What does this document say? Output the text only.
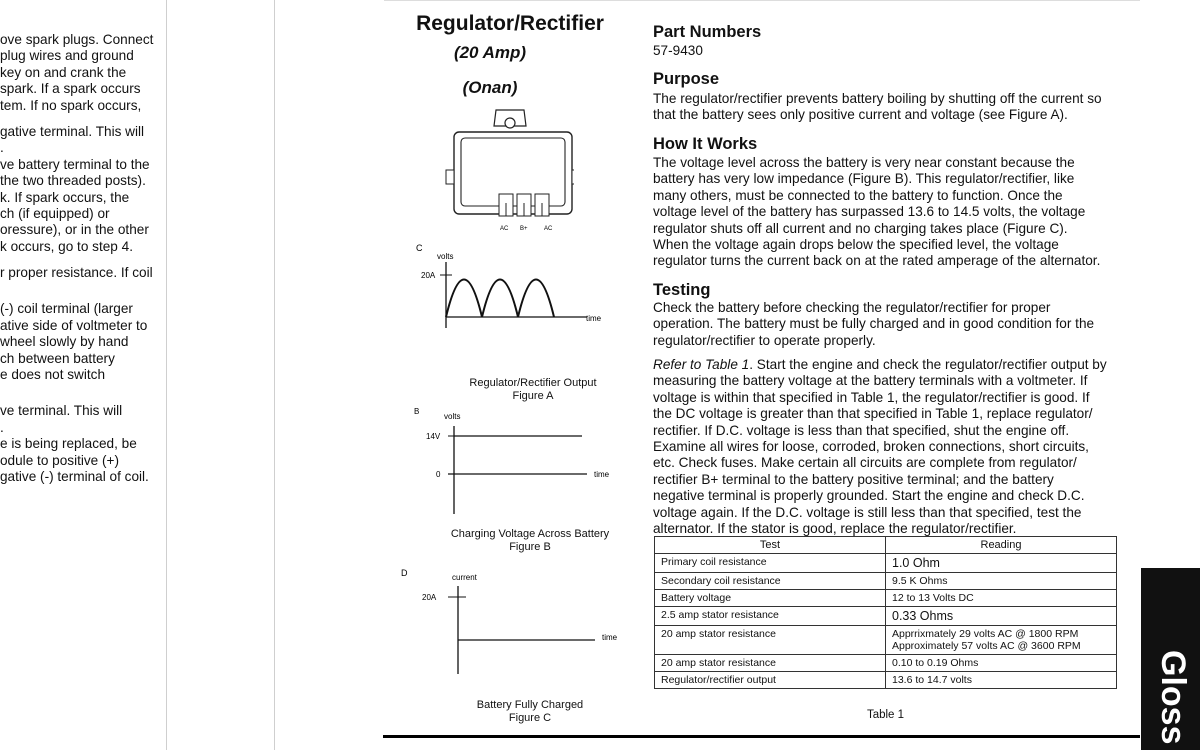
ove spark plugs. Connect
plug wires and ground
key on and crank the
spark. If a spark occurs
tem. If no spark occurs,
gative terminal. This will
.
ve battery terminal to the
the two threaded posts).
k. If spark occurs, the
ch (if equipped) or
oressure), or in the other
k occurs, go to step 4.
r proper resistance. If coil
(-) coil terminal (larger
ative side of voltmeter to
wheel slowly by hand
ch between battery
e does not switch
ve terminal. This will
.
e is being replaced, be
odule to positive (+)
gative (-) terminal of coil.
Regulator/Rectifier
(20 Amp)
(Onan)
AC B+	AC
C
volts
20A
time
Regulator/Rectifier Output
Figure A
B
volts
14V
0	time
Charging Voltage Across Battery
Figure B
D	current
20A
time
Battery Fully Charged
Figure C
Part Numbers
57-9430
Purpose
The regulator/rectifier prevents battery boiling by shutting off the current so
that the battery sees only positive current and voltage (see Figure A).
How It Works
The voltage level across the battery is very near constant because the
battery has very low impedance (Figure B). This regulator/rectifier, like
many others, must be connected to the battery to function. Once the
voltage level of the battery has surpassed 13.6 to 14.5 volts, the voltage
regulator shuts off all current and no charging takes place (Figure C).
When the voltage again drops below the specified level, the voltage
regulator turns the current back on at the rated amperage of the alternator.
Testing
Check the battery before checking the regulator/rectifier for proper
operation. The battery must be fully charged and in good condition for the
regulator/rectifier to operate properly.
Refer to Table 1. Start the engine and check the regulator/rectifier output by
measuring the battery voltage at the battery terminals with a voltmeter. If
voltage is within that specified in Table 1, the regulator/rectifier is good. If
the DC voltage is greater than that specified in Table 1, replace regulator/
rectifier. If D.C. voltage is less than that specified, shut the engine off.
Examine all wires for loose, corroded, broken connections, short circuits,
etc. Check fuses. Make certain all circuits are complete from regulator/
rectifier B+ terminal to the battery positive terminal; and the battery
negative terminal is properly grounded. Start the engine and check D.C.
voltage again. If the D.C. voltage is still less than that specified, test the
alternator. If the stator is good, replace the regulator/rectifier.
Test	Reading
Primary coil resistance	1.0 Ohm
Secondary coil resistance	9.5 K Ohms
Battery voltage	12 to 13 Volts DC
2.5 amp stator resistance	0.33 Ohms
20 amp stator resistance	Apprrixmately 29 volts AC @ 1800 RPM
Approximately 57 volts AC @ 3600 RPM

20 amp stator resistance	0.10 to 0.19 Ohms
Regulator/rectifier output	13.6 to 14.7 volts
Table 1	Gloss
